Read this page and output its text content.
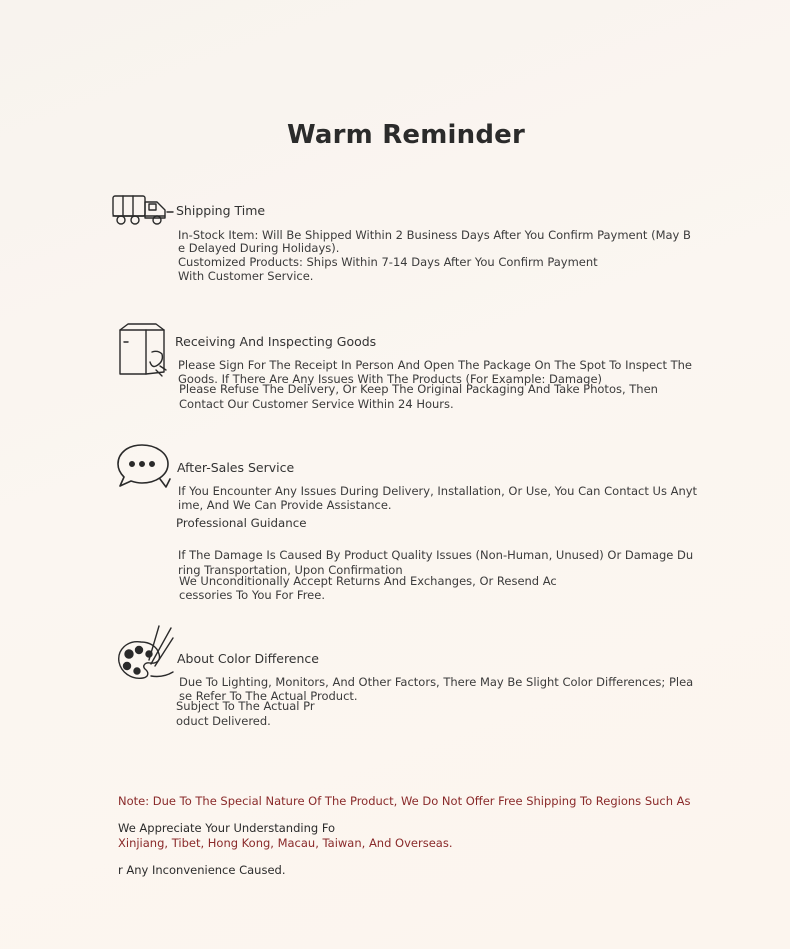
Warm Reminder
Shipping Time
In-Stock Item: Will Be Shipped Within 2 Business Days After You Confirm Payment (May B
e Delayed During Holidays).
Customized Products: Ships Within 7-14 Days After You Confirm Payment
With Customer Service.
Receiving And Inspecting Goods
Please Sign For The Receipt In Person And Open The Package On The Spot To Inspect The
Goods. If There Are Any Issues With The Products (For Example: Damage)
Please Refuse The Delivery, Or Keep The Original Packaging And Take Photos, Then
Contact Our Customer Service Within 24 Hours.
After-Sales Service
If You Encounter Any Issues During Delivery, Installation, Or Use, You Can Contact Us Anyt
ime, And We Can Provide Assistance.
Professional Guidance
If The Damage Is Caused By Product Quality Issues (Non-Human, Unused) Or Damage Du
ring Transportation, Upon Confirmation
We Unconditionally Accept Returns And Exchanges, Or Resend Ac
cessories To You For Free.
About Color Difference
Due To Lighting, Monitors, And Other Factors, There May Be Slight Color Differences; Plea
se Refer To The Actual Product.
Subject To The Actual Pr
oduct Delivered.

Note: Due To The Special Nature Of The Product, We Do Not Offer Free Shipping To Regions Such As

Xinjiang, Tibet, Hong Kong, Macau, Taiwan, And Overseas.

We Appreciate Your Understanding Fo

r Any Inconvenience Caused.
